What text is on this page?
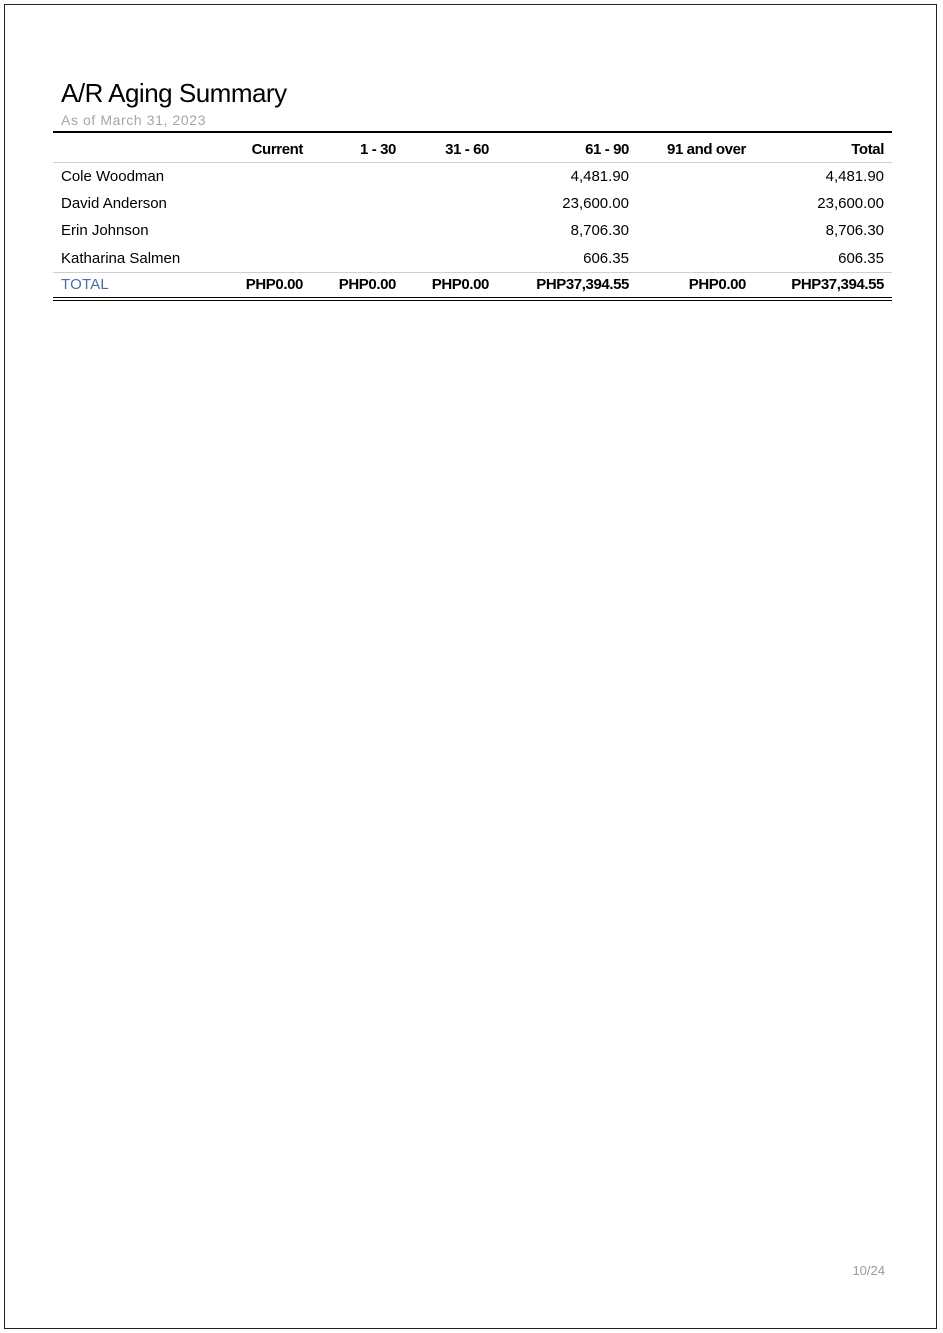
A/R Aging Summary
As of March 31, 2023
	Current	1 - 30	31 - 60	61 - 90	91 and over	Total
Cole Woodman				4,481.90		4,481.90
David Anderson				23,600.00		23,600.00
Erin Johnson				8,706.30		8,706.30
Katharina Salmen				606.35		606.35
TOTAL	PHP0.00	PHP0.00	PHP0.00	PHP37,394.55	PHP0.00	PHP37,394.55
10/24
